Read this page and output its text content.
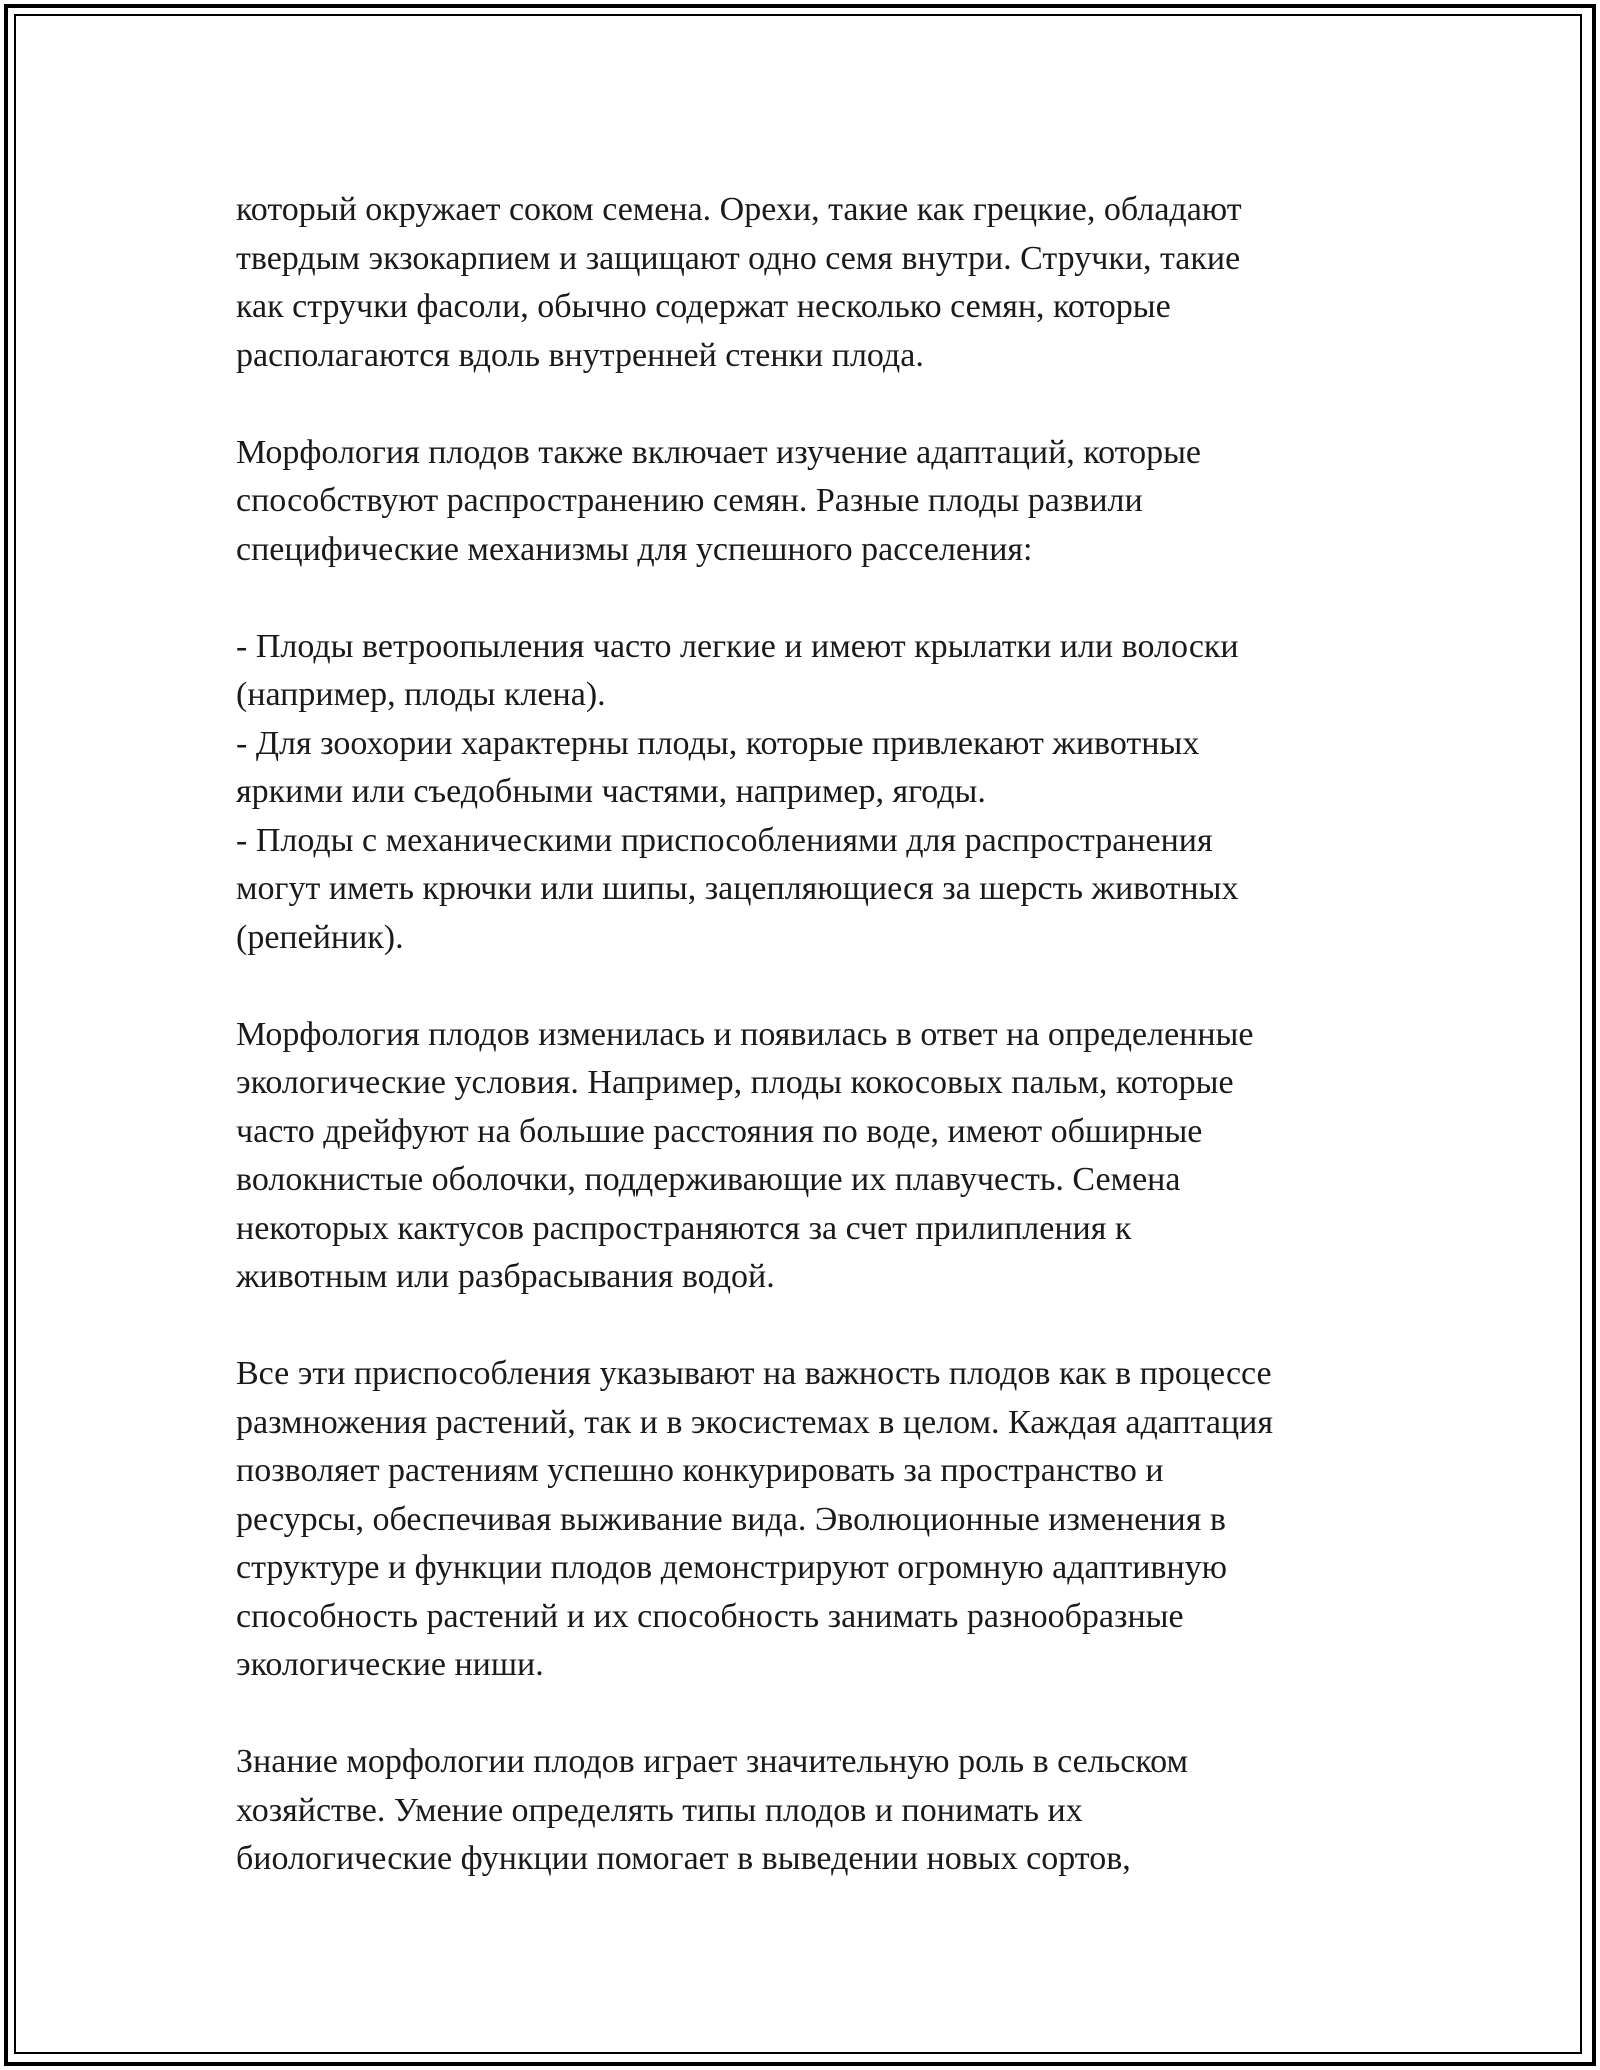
который окружает соком семена. Орехи, такие как грецкие, обладают
твердым экзокарпием и защищают одно семя внутри. Стручки, такие
как стручки фасоли, обычно содержат несколько семян, которые
располагаются вдоль внутренней стенки плода.

Морфология плодов также включает изучение адаптаций, которые
способствуют распространению семян. Разные плоды развили
специфические механизмы для успешного расселения:

- Плоды ветроопыления часто легкие и имеют крылатки или волоски
(например, плоды клена).
- Для зоохории характерны плоды, которые привлекают животных
яркими или съедобными частями, например, ягоды.
- Плоды с механическими приспособлениями для распространения
могут иметь крючки или шипы, зацепляющиеся за шерсть животных
(репейник).

Морфология плодов изменилась и появилась в ответ на определенные
экологические условия. Например, плоды кокосовых пальм, которые
часто дрейфуют на большие расстояния по воде, имеют обширные
волокнистые оболочки, поддерживающие их плавучесть. Семена
некоторых кактусов распространяются за счет прилипления к
животным или разбрасывания водой.

Все эти приспособления указывают на важность плодов как в процессе
размножения растений, так и в экосистемах в целом. Каждая адаптация
позволяет растениям успешно конкурировать за пространство и
ресурсы, обеспечивая выживание вида. Эволюционные изменения в
структуре и функции плодов демонстрируют огромную адаптивную
способность растений и их способность занимать разнообразные
экологические ниши.

Знание морфологии плодов играет значительную роль в сельском
хозяйстве. Умение определять типы плодов и понимать их
биологические функции помогает в выведении новых сортов,
